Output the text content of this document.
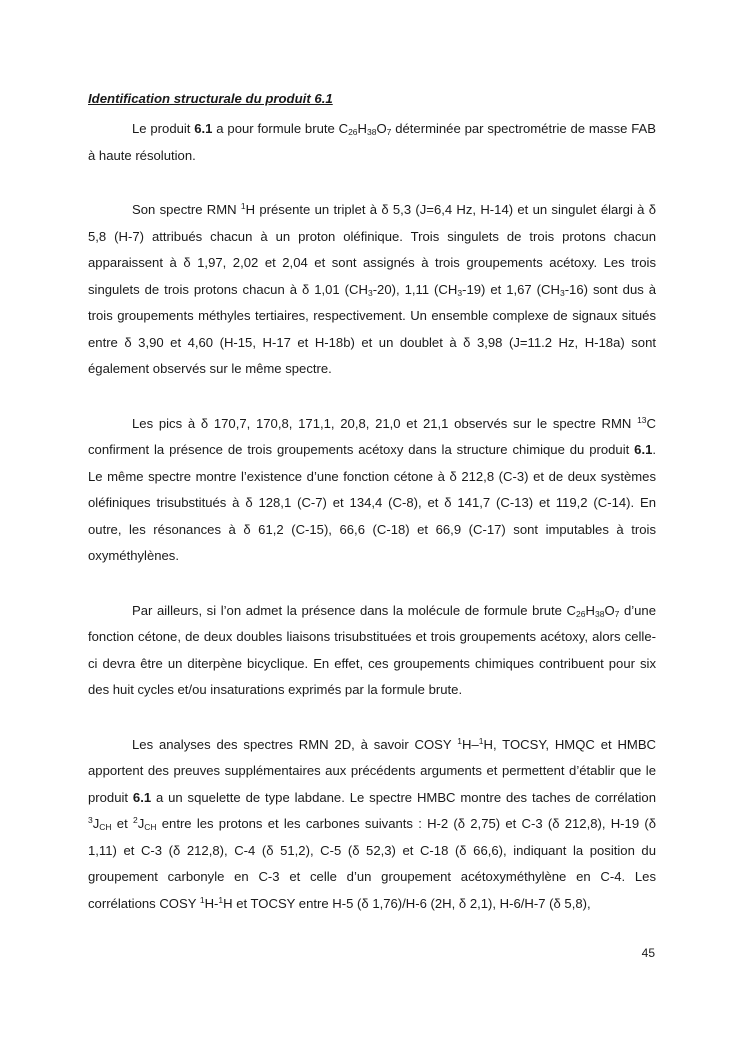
Identification structurale du produit 6.1

Le produit 6.1 a pour formule brute $C_{26}H_{38}O_7$ déterminée par spectrométrie de masse FAB à haute résolution.

Son spectre RMN $^1$H présente un triplet à δ 5,3 (J=6,4 Hz, H-14) et un singulet élargi à δ 5,8 (H-7) attribués chacun à un proton oléfinique. Trois singulets de trois protons chacun apparaissent à δ 1,97, 2,02 et 2,04 et sont assignés à trois groupements acétoxy. Les trois singulets de trois protons chacun à δ 1,01 $(CH_3-20)$, 1,11 $(CH_3-19)$ et 1,67 $(CH_3-16)$ sont dus à trois groupements méthyles tertiaires, respectivement. Un ensemble complexe de signaux situés entre δ 3,90 et 4,60 (H-15, H-17 et H-18b) et un doublet à δ 3,98 (J=11.2 Hz, H-18a) sont également observés sur le même spectre.

Les pics à δ 170,7, 170,8, 171,1, 20,8, 21,0 et 21,1 observés sur le spectre RMN $^{13}$C confirment la présence de trois groupements acétoxy dans la structure chimique du produit 6.1. Le même spectre montre l’existence d’une fonction cétone à δ 212,8 (C-3) et de deux systèmes oléfiniques trisubstitués à δ 128,1 (C-7) et 134,4 (C-8), et δ 141,7 (C-13) et 119,2 (C-14). En outre, les résonances à δ 61,2 (C-15), 66,6 (C-18) et 66,9 (C-17) sont imputables à trois oxyméthylènes.

Par ailleurs, si l’on admet la présence dans la molécule de formule brute $C_{26}H_{38}O_7$ d’une fonction cétone, de deux doubles liaisons trisubstituées et trois groupements acétoxy, alors celle-ci devra être un diterpène bicyclique. En effet, ces groupements chimiques contribuent pour six des huit cycles et/ou insaturations exprimés par la formule brute.

Les analyses des spectres RMN 2D, à savoir COSY $^1$H–$^1$H, TOCSY, HMQC et HMBC apportent des preuves supplémentaires aux précédents arguments et permettent d’établir que le produit 6.1 a un squelette de type labdane. Le spectre HMBC montre des taches de corrélation $^3J_{CH}$ et $^2J_{CH}$ entre les protons et les carbones suivants : H-2 (δ 2,75) et C-3 (δ 212,8), H-19 (δ 1,11) et C-3 (δ 212,8), C-4 (δ 51,2), C-5 (δ 52,3) et C-18 (δ 66,6), indiquant la position du groupement carbonyle en C-3 et celle d’un groupement acétoxyméthylène en C-4. Les corrélations COSY $^1$H-$^1$H et TOCSY entre H-5 (δ 1,76)/H-6 (2H, δ 2,1), H-6/H-7 (δ 5,8),

45
